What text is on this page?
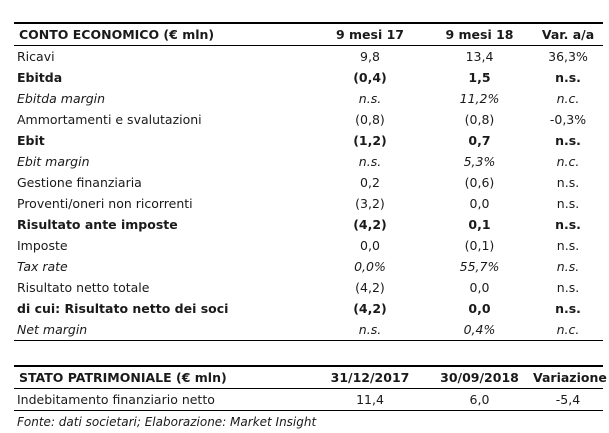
CONTO ECONOMICO (€ mln)	9 mesi 17	9 mesi 18	Var. a/a
Ricavi	9,8	13,4	36,3%
Ebitda	(0,4)	1,5	n.s.
Ebitda margin	n.s.	11,2%	n.c.
Ammortamenti e svalutazioni	(0,8)	(0,8)	-0,3%
Ebit	(1,2)	0,7	n.s.
Ebit margin	n.s.	5,3%	n.c.
Gestione finanziaria	0,2	(0,6)	n.s.
Proventi/oneri non ricorrenti	(3,2)	0,0	n.s.
Risultato ante imposte	(4,2)	0,1	n.s.
Imposte	0,0	(0,1)	n.s.
Tax rate	0,0%	55,7%	n.s.
Risultato netto totale	(4,2)	0,0	n.s.
di cui: Risultato netto dei soci	(4,2)	0,0	n.s.
Net margin	n.s.	0,4%	n.c.
STATO PATRIMONIALE (€ mln)	31/12/2017	30/09/2018	Variazione
Indebitamento finanziario netto	11,4	6,0	-5,4
Fonte: dati societari; Elaborazione: Market Insight
